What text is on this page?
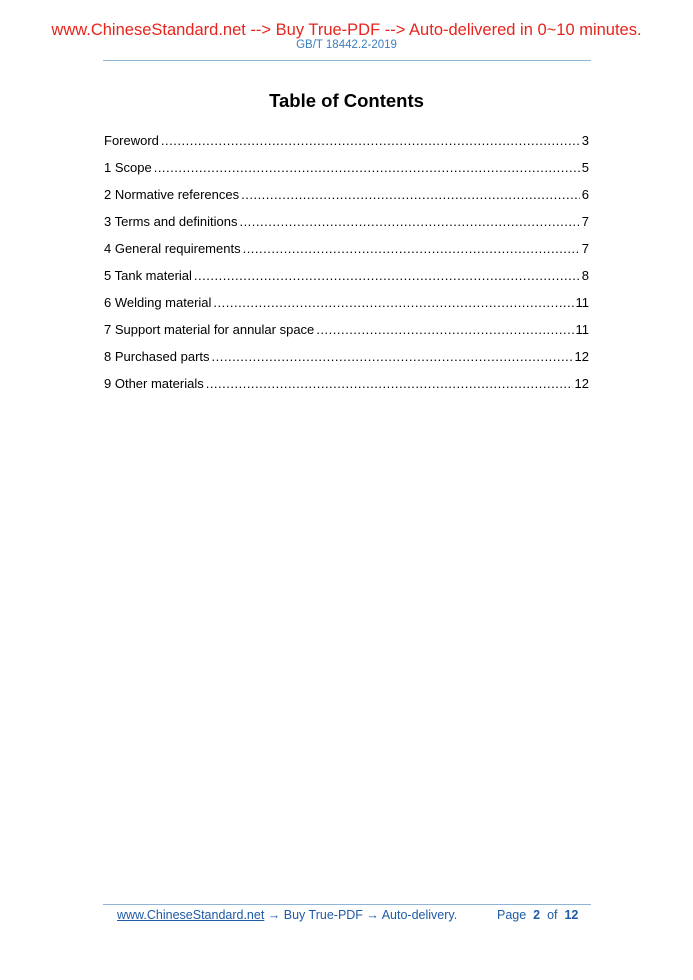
www.ChineseStandard.net --> Buy True-PDF --> Auto-delivered in 0~10 minutes.
GB/T 18442.2-2019
Table of Contents
Foreword .....	3
1 Scope .....	5
2 Normative references .....	6
3 Terms and definitions .....	7
4 General requirements .....	7
5 Tank material .....	8
6 Welding material .....	11
7 Support material for annular space .....	11
8 Purchased parts .....	12
9 Other materials .....	12
www.ChineseStandard.net → Buy True-PDF → Auto-delivery.	Page 2 of 12
